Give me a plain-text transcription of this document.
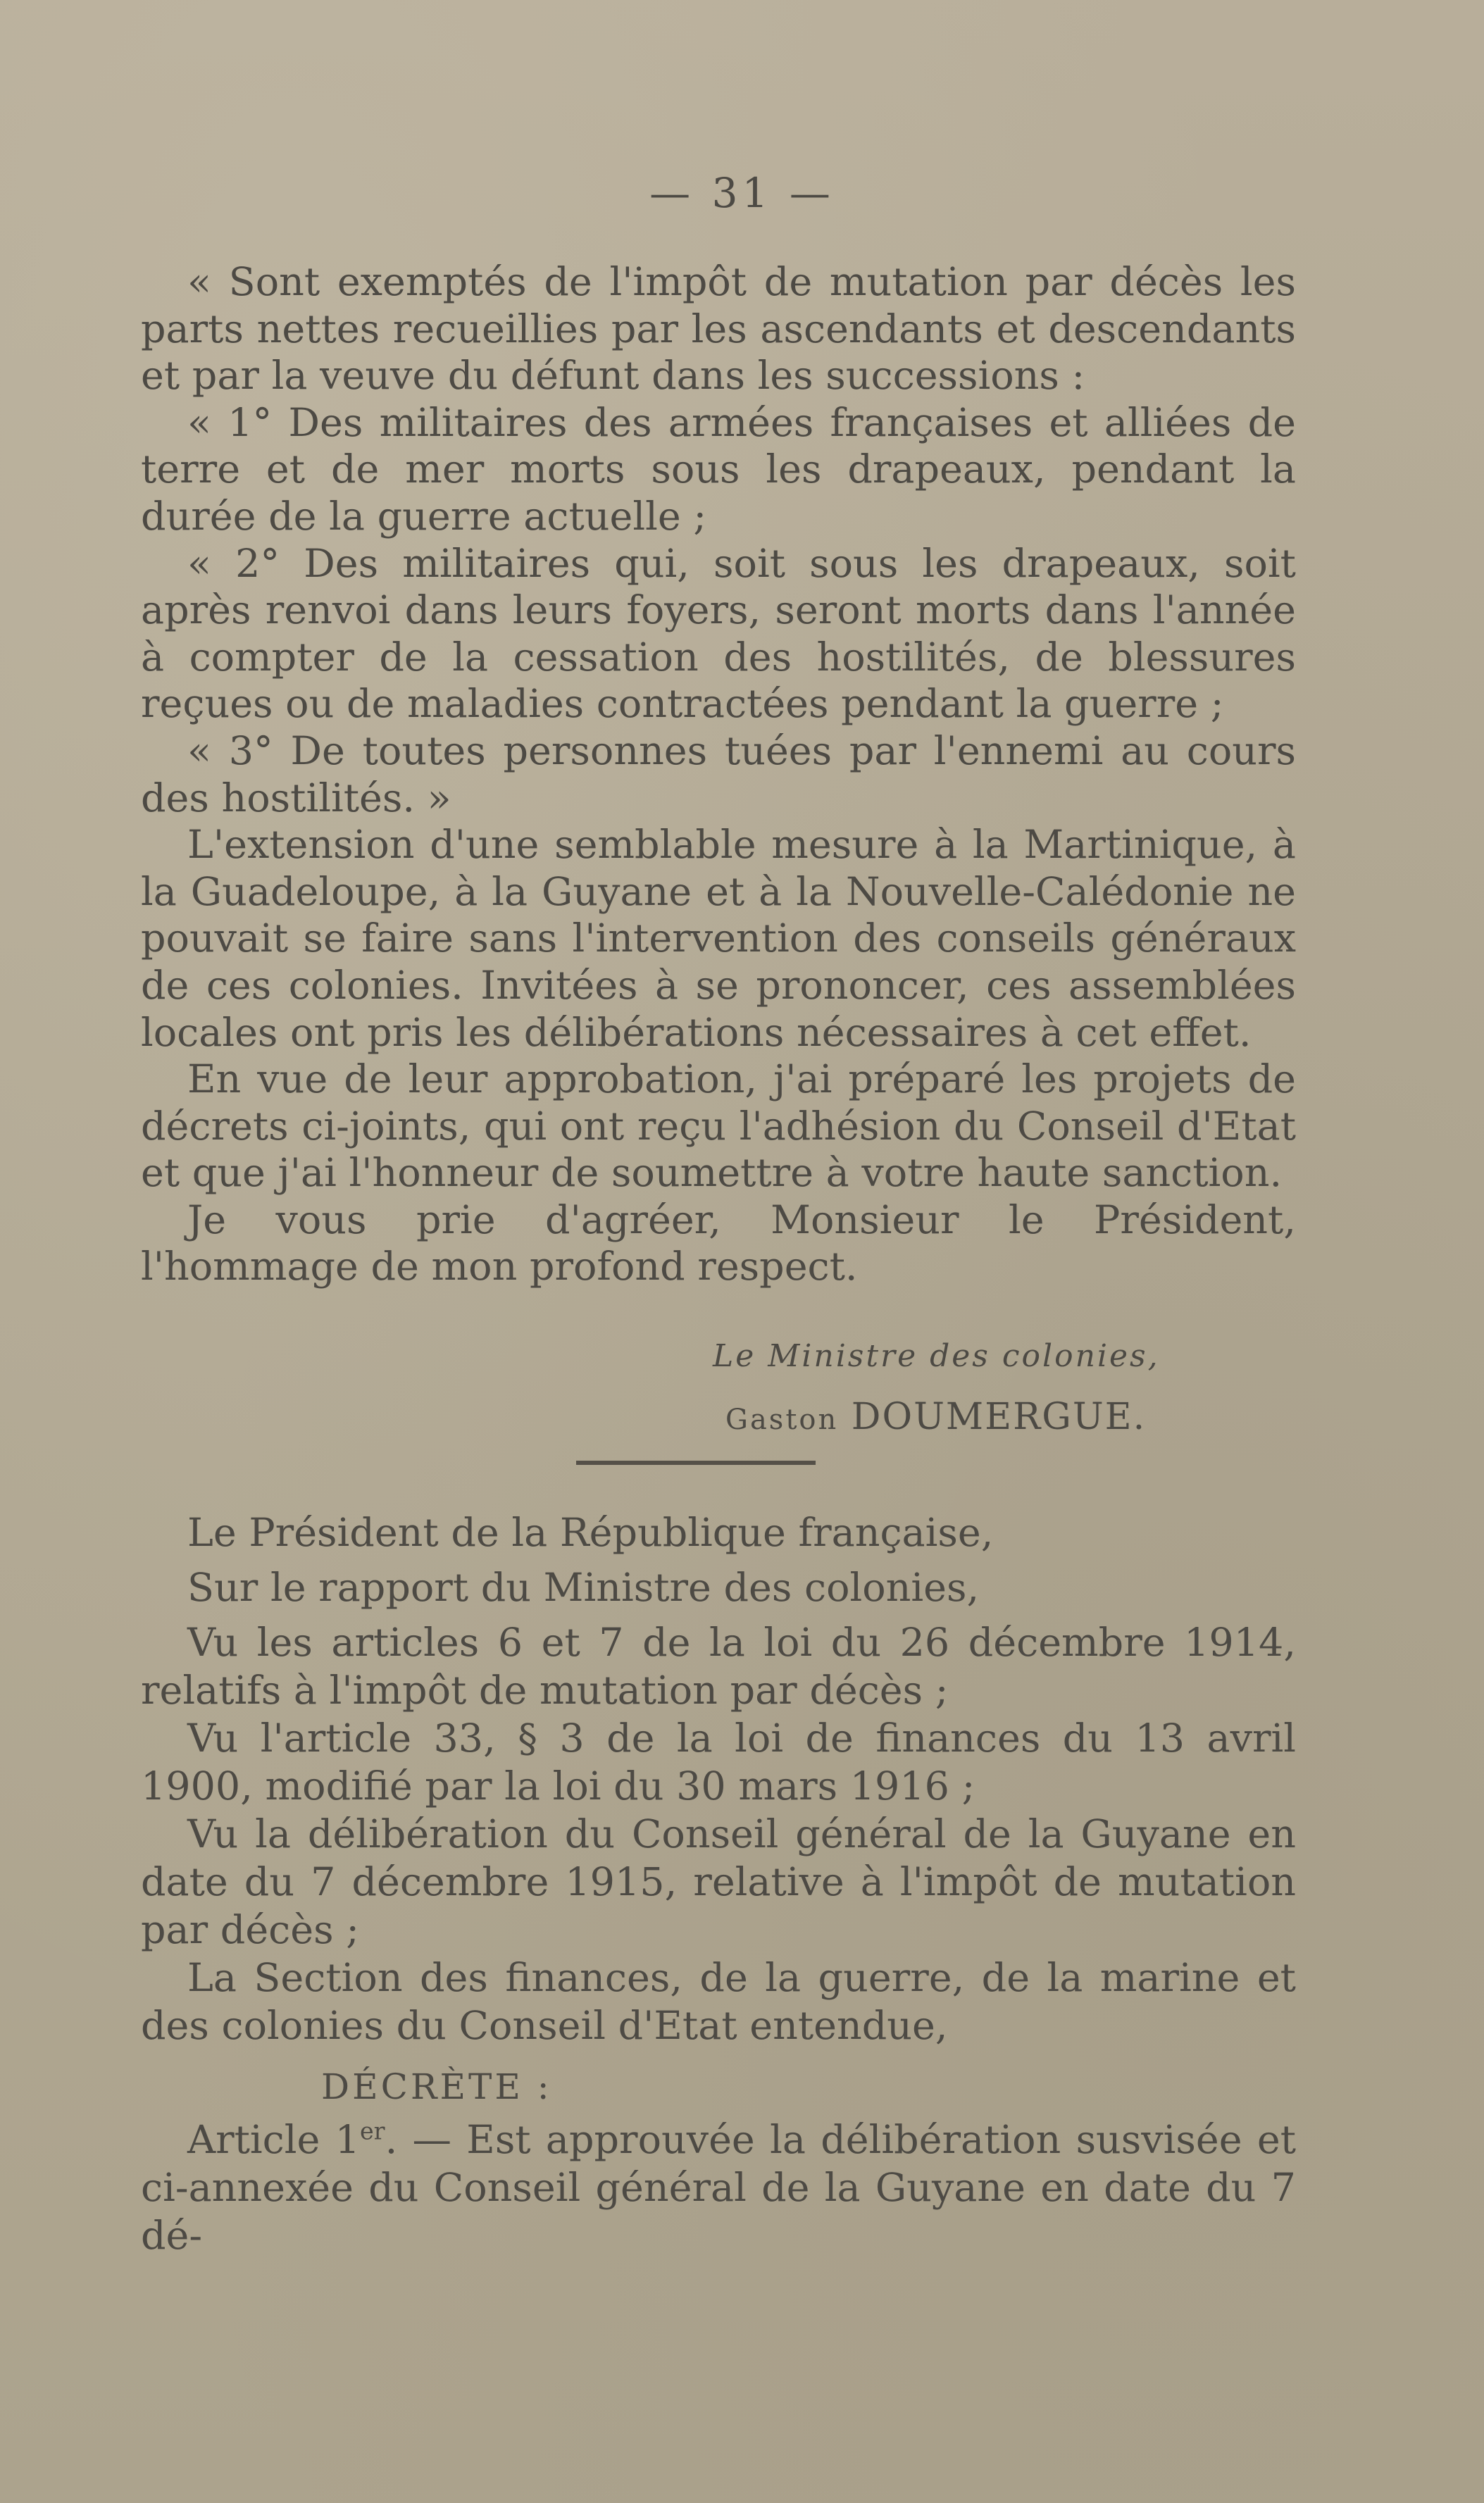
— 31 —

« Sont exemptés de l'impôt de mutation par décès les parts nettes recueillies par les ascendants et descendants et par la veuve du défunt dans les successions :

« 1° Des militaires des armées françaises et alliées de terre et de mer morts sous les drapeaux, pendant la durée de la guerre actuelle ;

« 2° Des militaires qui, soit sous les drapeaux, soit après renvoi dans leurs foyers, seront morts dans l'année à compter de la cessation des hostilités, de blessures reçues ou de maladies contractées pendant la guerre ;

« 3° De toutes personnes tuées par l'ennemi au cours des hostilités. »

L'extension d'une semblable mesure à la Martinique, à la Guadeloupe, à la Guyane et à la Nouvelle-Calédonie ne pouvait se faire sans l'intervention des conseils généraux de ces colonies. Invitées à se prononcer, ces assemblées locales ont pris les délibérations nécessaires à cet effet.

En vue de leur approbation, j'ai préparé les projets de décrets ci-joints, qui ont reçu l'adhésion du Conseil d'Etat et que j'ai l'honneur de soumettre à votre haute sanction.

Je vous prie d'agréer, Monsieur le Président, l'hommage de mon profond respect.

Le Ministre des colonies,
Gaston DOUMERGUE.

Le Président de la République française,

Sur le rapport du Ministre des colonies,

Vu les articles 6 et 7 de la loi du 26 décembre 1914, relatifs à l'impôt de mutation par décès ;

Vu l'article 33, § 3 de la loi de finances du 13 avril 1900, modifié par la loi du 30 mars 1916 ;

Vu la délibération du Conseil général de la Guyane en date du 7 décembre 1915, relative à l'impôt de mutation par décès ;

La Section des finances, de la guerre, de la marine et des colonies du Conseil d'Etat entendue,

DÉCRÈTE :

Article 1er. — Est approuvée la délibération susvisée et ci-annexée du Conseil général de la Guyane en date du 7 dé-
